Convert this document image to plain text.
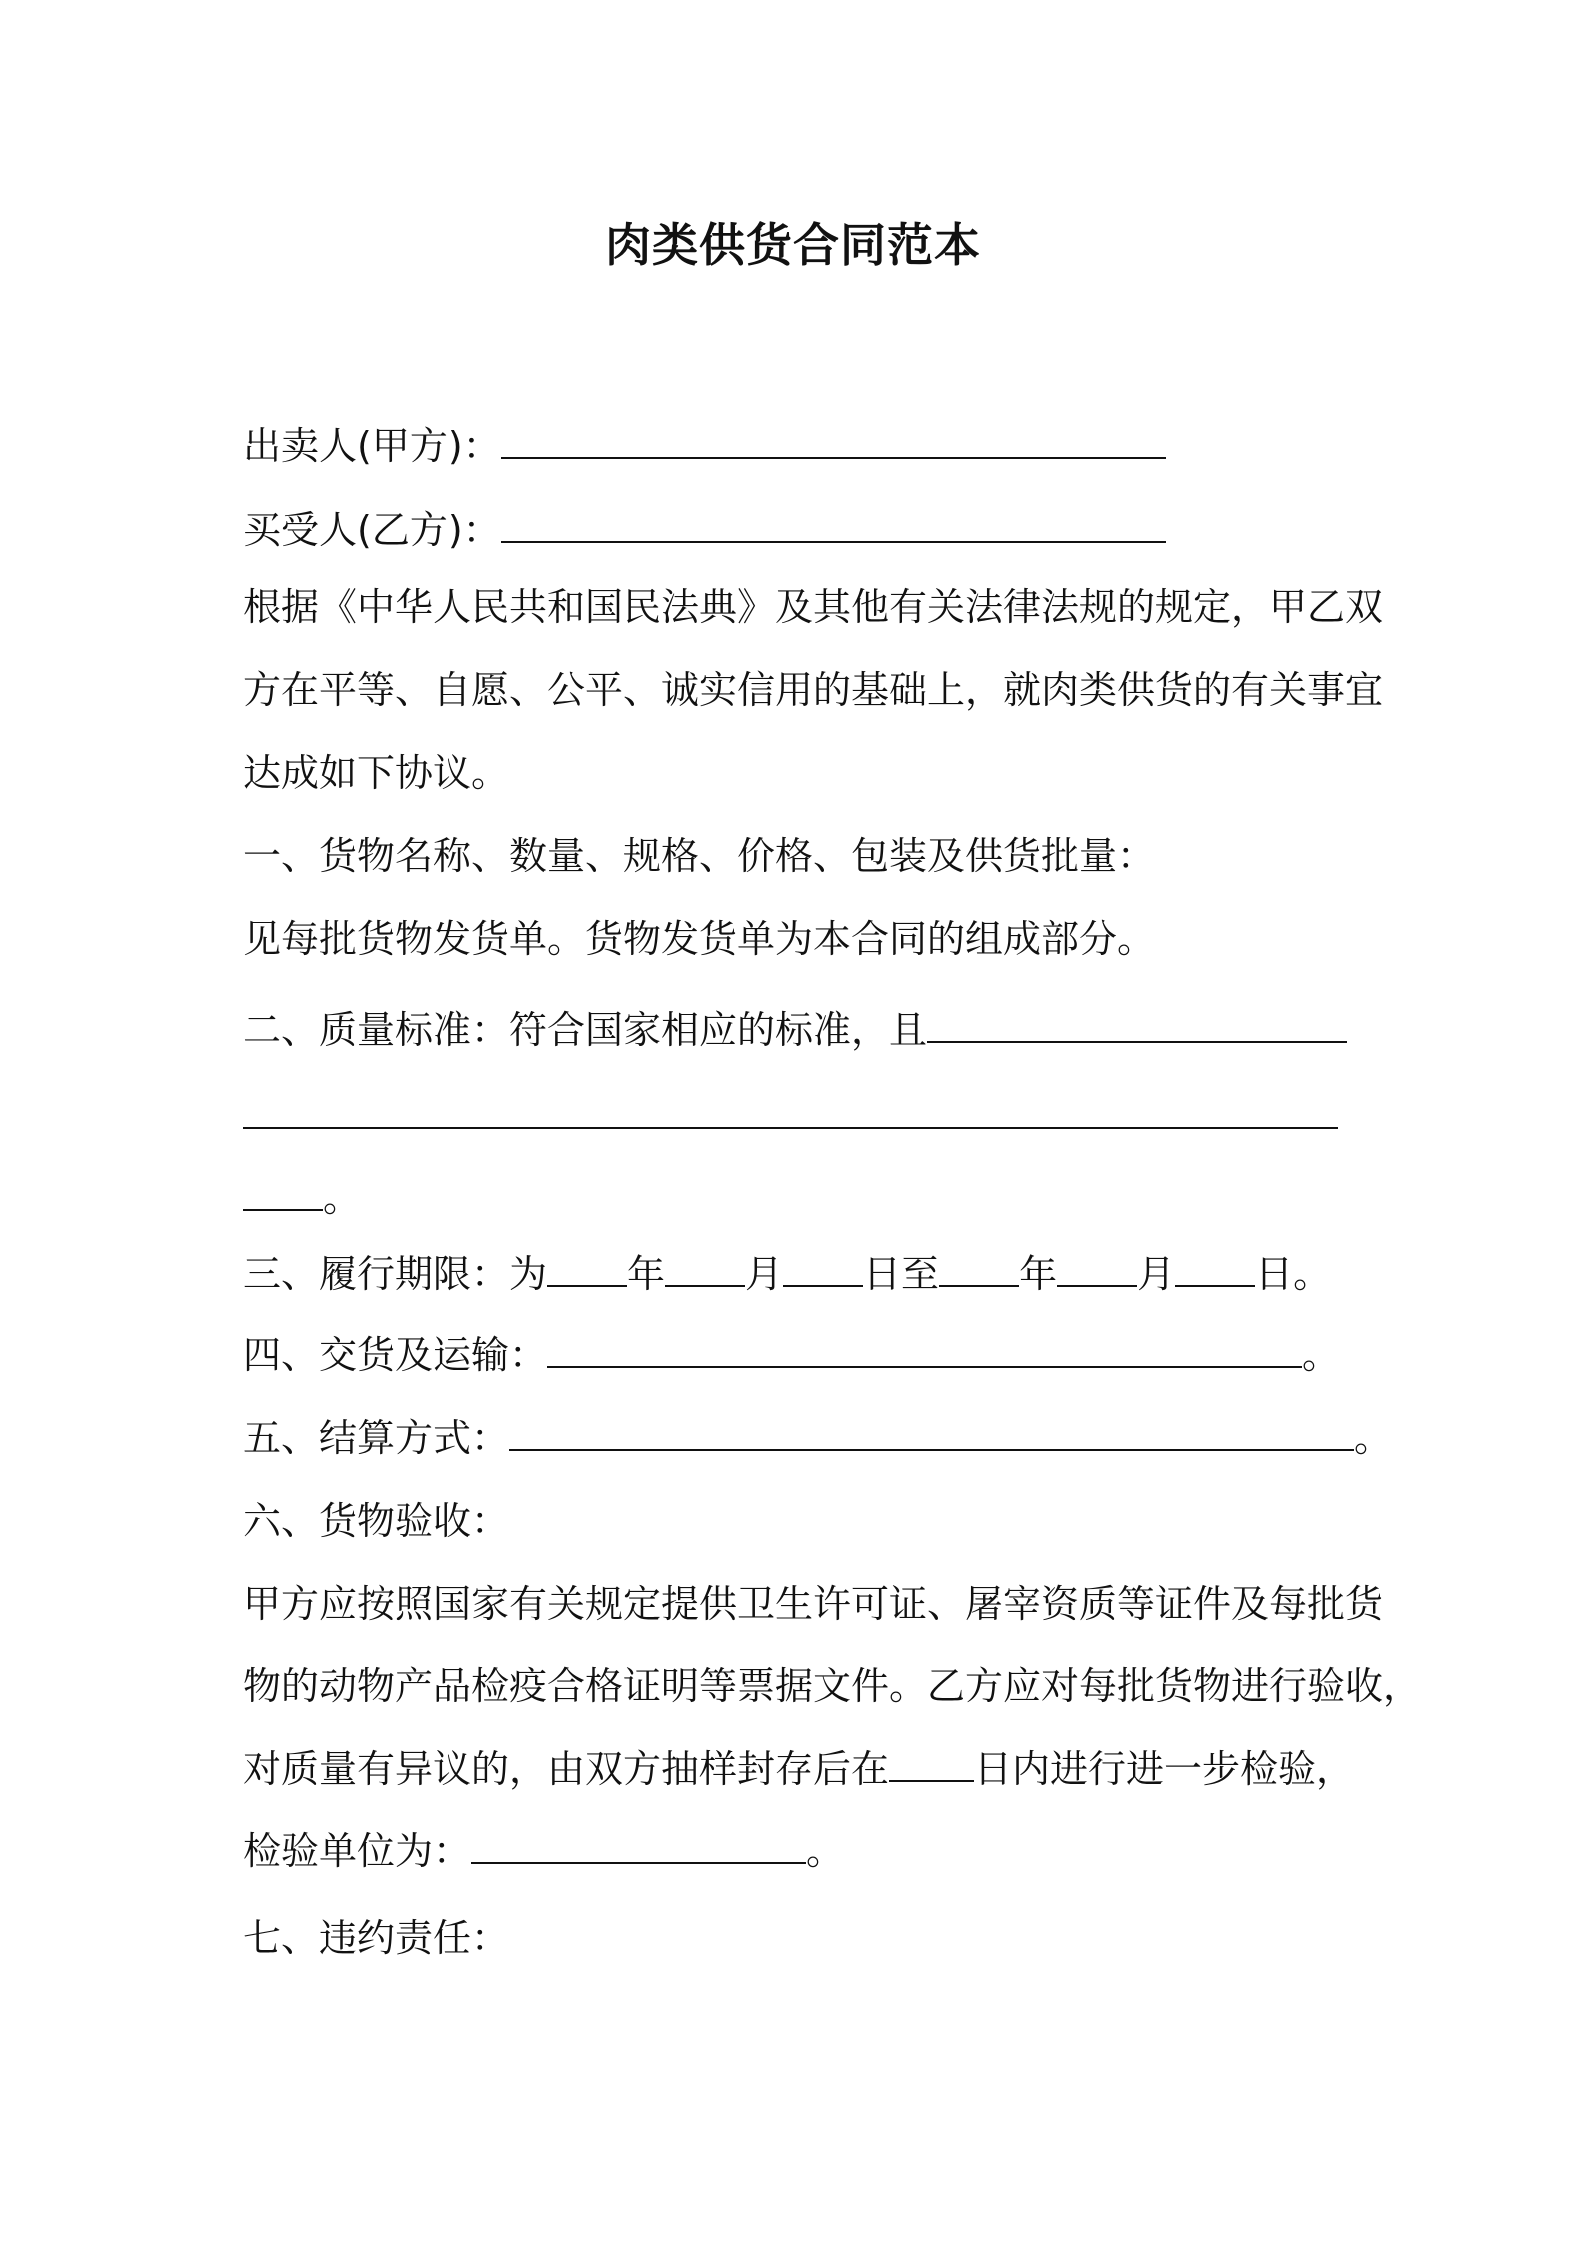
肉类供货合同范本
出卖人(甲方)：
买受人(乙方)：
根据《中华人民共和国民法典》及其他有关法律法规的规定，甲乙双
方在平等、自愿、公平、诚实信用的基础上，就肉类供货的有关事宜
达成如下协议。
一、货物名称、数量、规格、价格、包装及供货批量：
见每批货物发货单。货物发货单为本合同的组成部分。
二、质量标准：符合国家相应的标准，且
。
三、履行期限：为 年 月 日至 年 月 日。
四、交货及运输：	。
五、结算方式：	。
六、货物验收：
甲方应按照国家有关规定提供卫生许可证、屠宰资质等证件及每批货
物的动物产品检疫合格证明等票据文件。乙方应对每批货物进行验收，
对质量有异议的，由双方抽样封存后在 日内进行进一步检验，
检验单位为：	。
七、违约责任：
